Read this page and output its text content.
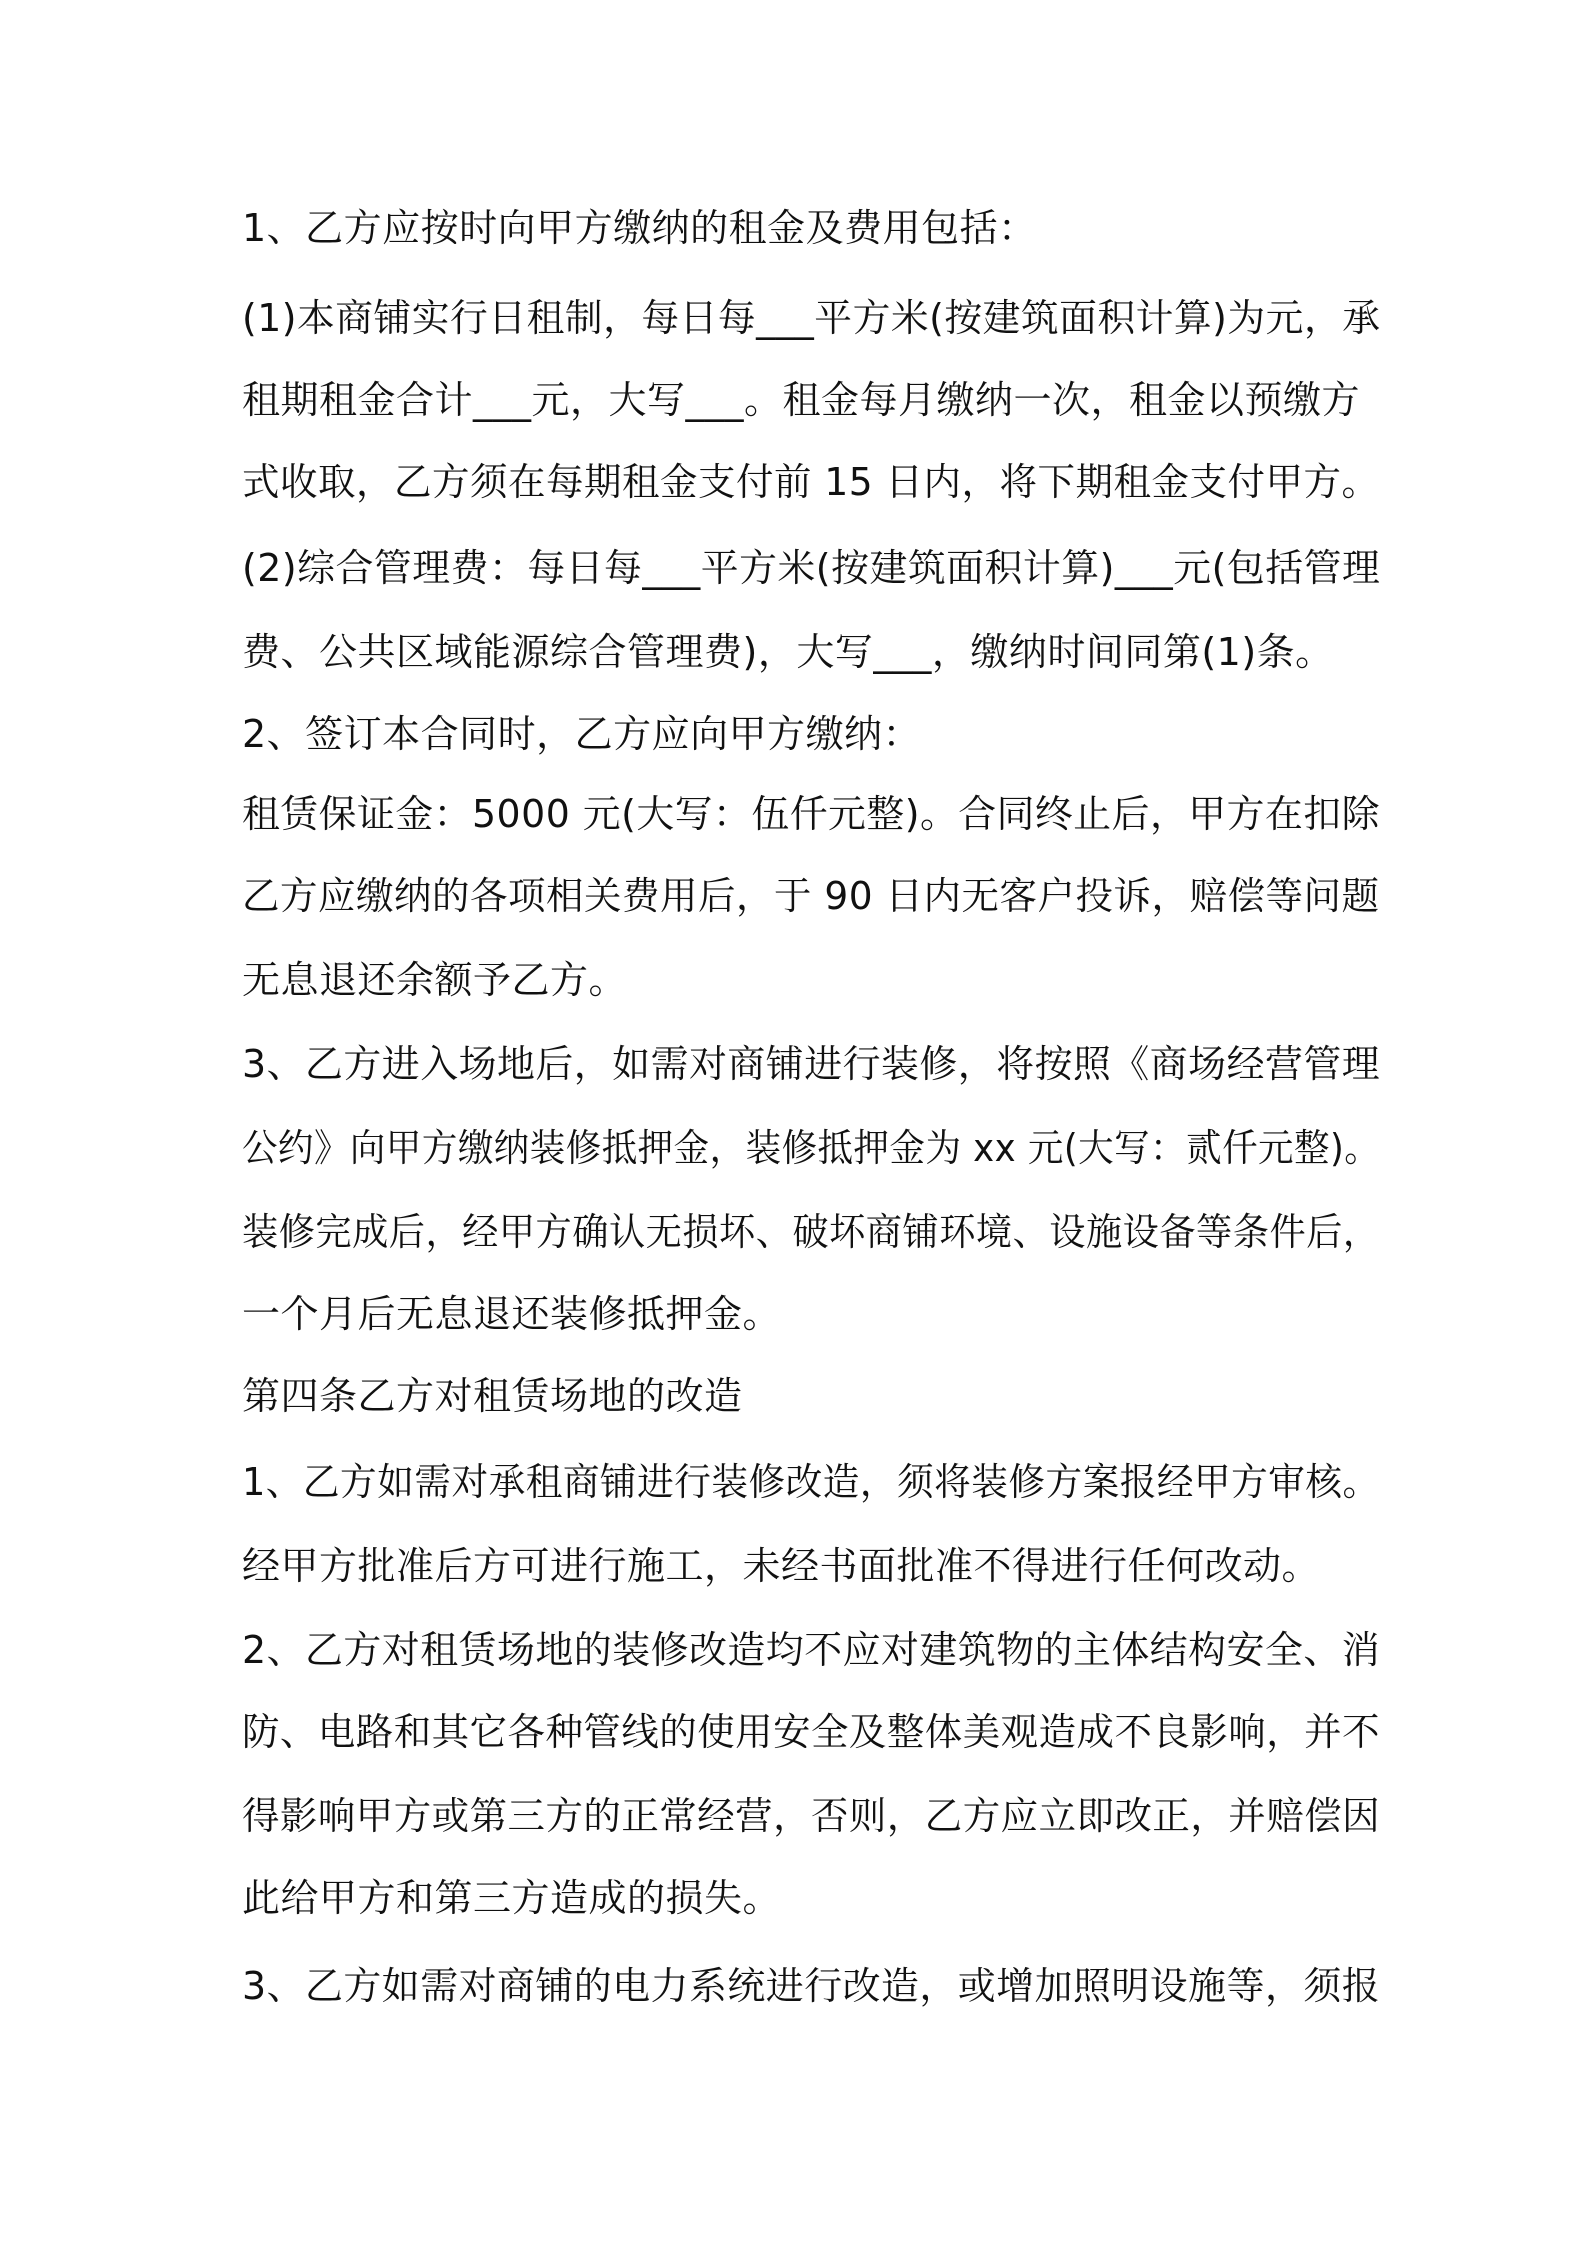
1、乙方应按时向甲方缴纳的租金及费用包括：

(1)本商铺实行日租制，每日每___平方米(按建筑面积计算)为元，承

租期租金合计___元，大写___。租金每月缴纳一次，租金以预缴方

式收取，乙方须在每期租金支付前 15 日内，将下期租金支付甲方。

(2)综合管理费：每日每___平方米(按建筑面积计算)___元(包括管理

费、公共区域能源综合管理费)，大写___，缴纳时间同第(1)条。

2、签订本合同时，乙方应向甲方缴纳：

租赁保证金：5000 元(大写：伍仟元整)。合同终止后，甲方在扣除

乙方应缴纳的各项相关费用后，于 90 日内无客户投诉，赔偿等问题

无息退还余额予乙方。

3、乙方进入场地后，如需对商铺进行装修，将按照《商场经营管理

公约》向甲方缴纳装修抵押金，装修抵押金为 xx 元(大写：贰仟元整)。

装修完成后，经甲方确认无损坏、破坏商铺环境、设施设备等条件后，

一个月后无息退还装修抵押金。

第四条乙方对租赁场地的改造

1、乙方如需对承租商铺进行装修改造，须将装修方案报经甲方审核。

经甲方批准后方可进行施工，未经书面批准不得进行任何改动。

2、乙方对租赁场地的装修改造均不应对建筑物的主体结构安全、消

防、电路和其它各种管线的使用安全及整体美观造成不良影响，并不

得影响甲方或第三方的正常经营，否则，乙方应立即改正，并赔偿因

此给甲方和第三方造成的损失。

3、乙方如需对商铺的电力系统进行改造，或增加照明设施等，须报
